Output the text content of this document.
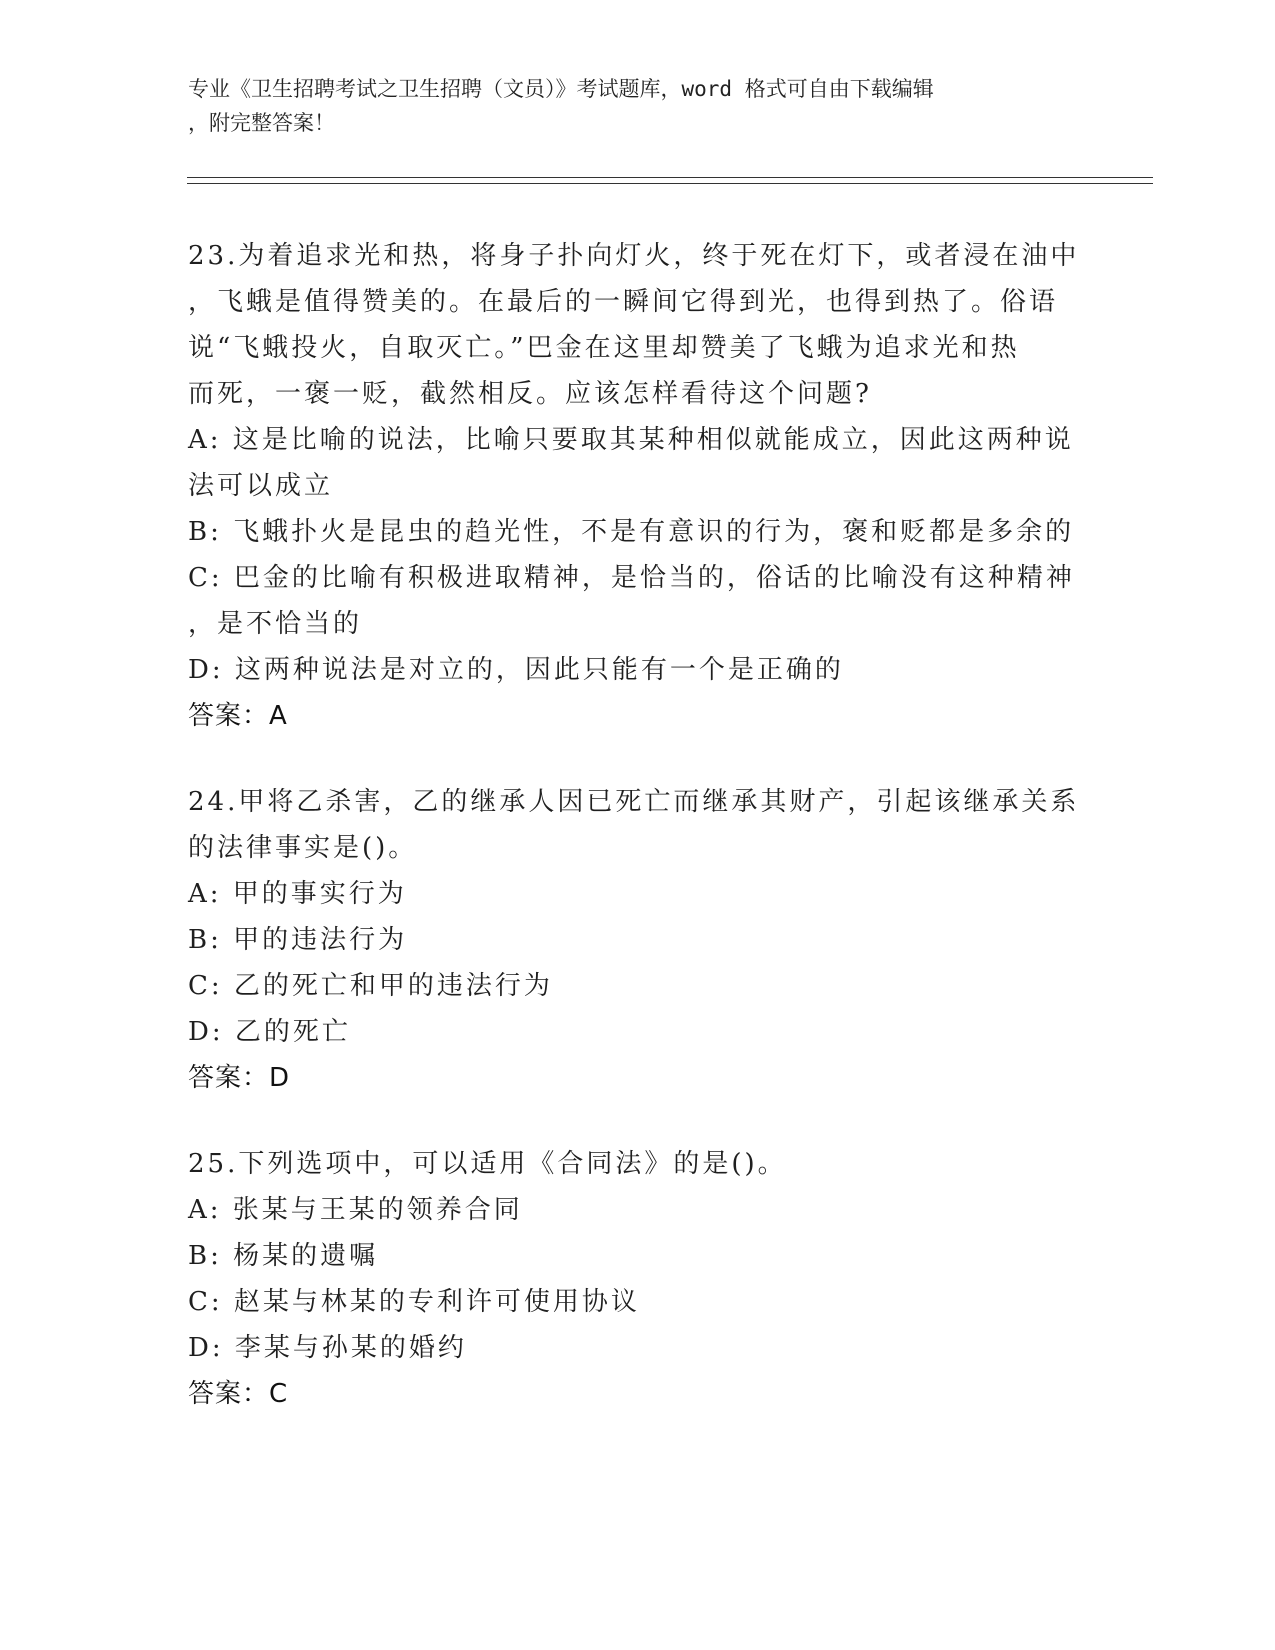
专业《卫生招聘考试之卫生招聘（文员）》考试题库，word 格式可自由下载编辑
，附完整答案！
23.为着追求光和热，将身子扑向灯火，终于死在灯下，或者浸在油中
，飞蛾是值得赞美的。在最后的一瞬间它得到光，也得到热了。俗语
说“飞蛾投火，自取灭亡。”巴金在这里却赞美了飞蛾为追求光和热
而死，一褒一贬，截然相反。应该怎样看待这个问题?
A: 这是比喻的说法，比喻只要取其某种相似就能成立，因此这两种说
法可以成立
B: 飞蛾扑火是昆虫的趋光性，不是有意识的行为，褒和贬都是多余的
C: 巴金的比喻有积极进取精神，是恰当的，俗话的比喻没有这种精神
，是不恰当的
D: 这两种说法是对立的，因此只能有一个是正确的
答案：A
24.甲将乙杀害，乙的继承人因已死亡而继承其财产，引起该继承关系
的法律事实是()。
A: 甲的事实行为
B: 甲的违法行为
C: 乙的死亡和甲的违法行为
D: 乙的死亡
答案：D
25.下列选项中，可以适用《合同法》的是()。
A: 张某与王某的领养合同
B: 杨某的遗嘱
C: 赵某与林某的专利许可使用协议
D: 李某与孙某的婚约
答案：C
